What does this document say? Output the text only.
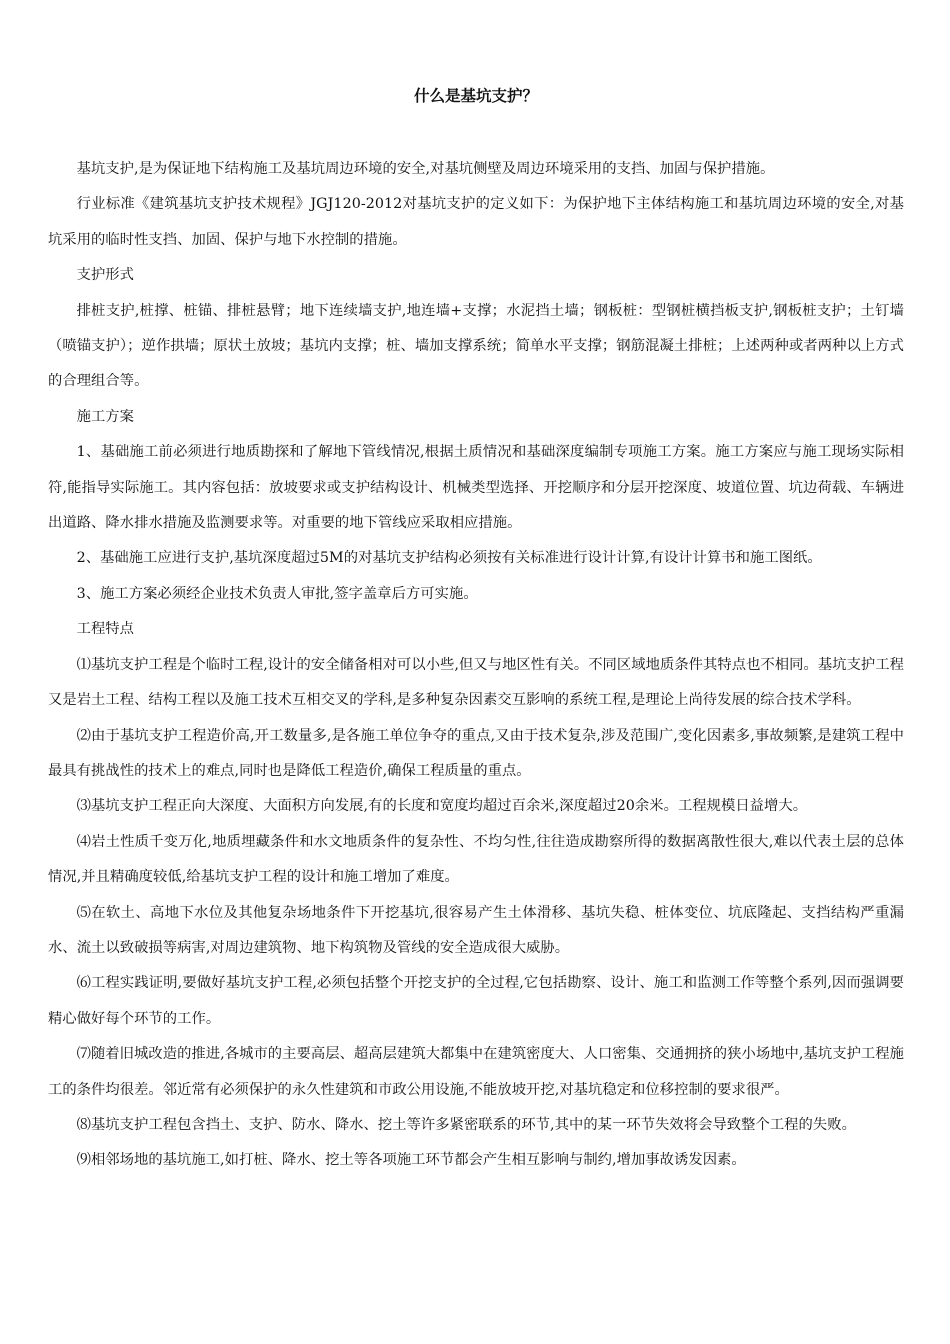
什么是基坑支护？

基坑支护,是为保证地下结构施工及基坑周边环境的安全,对基坑侧壁及周边环境采用的支挡、加固与保护措施。

行业标准《建筑基坑支护技术规程》JGJ120-2012对基坑支护的定义如下：为保护地下主体结构施工和基坑周边环境的安全,对基坑采用的临时性支挡、加固、保护与地下水控制的措施。

支护形式

排桩支护,桩撑、桩锚、排桩悬臂；地下连续墙支护,地连墙+支撑；水泥挡土墙；钢板桩：型钢桩横挡板支护,钢板桩支护；土钉墙（喷锚支护）；逆作拱墙；原状土放坡；基坑内支撑；桩、墙加支撑系统；简单水平支撑；钢筋混凝土排桩；上述两种或者两种以上方式的合理组合等。

施工方案

1、基础施工前必须进行地质勘探和了解地下管线情况,根据土质情况和基础深度编制专项施工方案。施工方案应与施工现场实际相符,能指导实际施工。其内容包括：放坡要求或支护结构设计、机械类型选择、开挖顺序和分层开挖深度、坡道位置、坑边荷载、车辆进出道路、降水排水措施及监测要求等。对重要的地下管线应采取相应措施。

2、基础施工应进行支护,基坑深度超过5M的对基坑支护结构必须按有关标准进行设计计算,有设计计算书和施工图纸。

3、施工方案必须经企业技术负责人审批,签字盖章后方可实施。

工程特点

⑴基坑支护工程是个临时工程,设计的安全储备相对可以小些,但又与地区性有关。不同区域地质条件其特点也不相同。基坑支护工程又是岩土工程、结构工程以及施工技术互相交叉的学科,是多种复杂因素交互影响的系统工程,是理论上尚待发展的综合技术学科。

⑵由于基坑支护工程造价高,开工数量多,是各施工单位争夺的重点,又由于技术复杂,涉及范围广,变化因素多,事故频繁,是建筑工程中最具有挑战性的技术上的难点,同时也是降低工程造价,确保工程质量的重点。

⑶基坑支护工程正向大深度、大面积方向发展,有的长度和宽度均超过百余米,深度超过20余米。工程规模日益增大。

⑷岩土性质千变万化,地质埋藏条件和水文地质条件的复杂性、不均匀性,往往造成勘察所得的数据离散性很大,难以代表土层的总体情况,并且精确度较低,给基坑支护工程的设计和施工增加了难度。

⑸在软土、高地下水位及其他复杂场地条件下开挖基坑,很容易产生土体滑移、基坑失稳、桩体变位、坑底隆起、支挡结构严重漏水、流土以致破损等病害,对周边建筑物、地下构筑物及管线的安全造成很大威胁。

⑹工程实践证明,要做好基坑支护工程,必须包括整个开挖支护的全过程,它包括勘察、设计、施工和监测工作等整个系列,因而强调要精心做好每个环节的工作。

⑺随着旧城改造的推进,各城市的主要高层、超高层建筑大都集中在建筑密度大、人口密集、交通拥挤的狭小场地中,基坑支护工程施工的条件均很差。邻近常有必须保护的永久性建筑和市政公用设施,不能放坡开挖,对基坑稳定和位移控制的要求很严。

⑻基坑支护工程包含挡土、支护、防水、降水、挖土等许多紧密联系的环节,其中的某一环节失效将会导致整个工程的失败。

⑼相邻场地的基坑施工,如打桩、降水、挖土等各项施工环节都会产生相互影响与制约,增加事故诱发因素。
